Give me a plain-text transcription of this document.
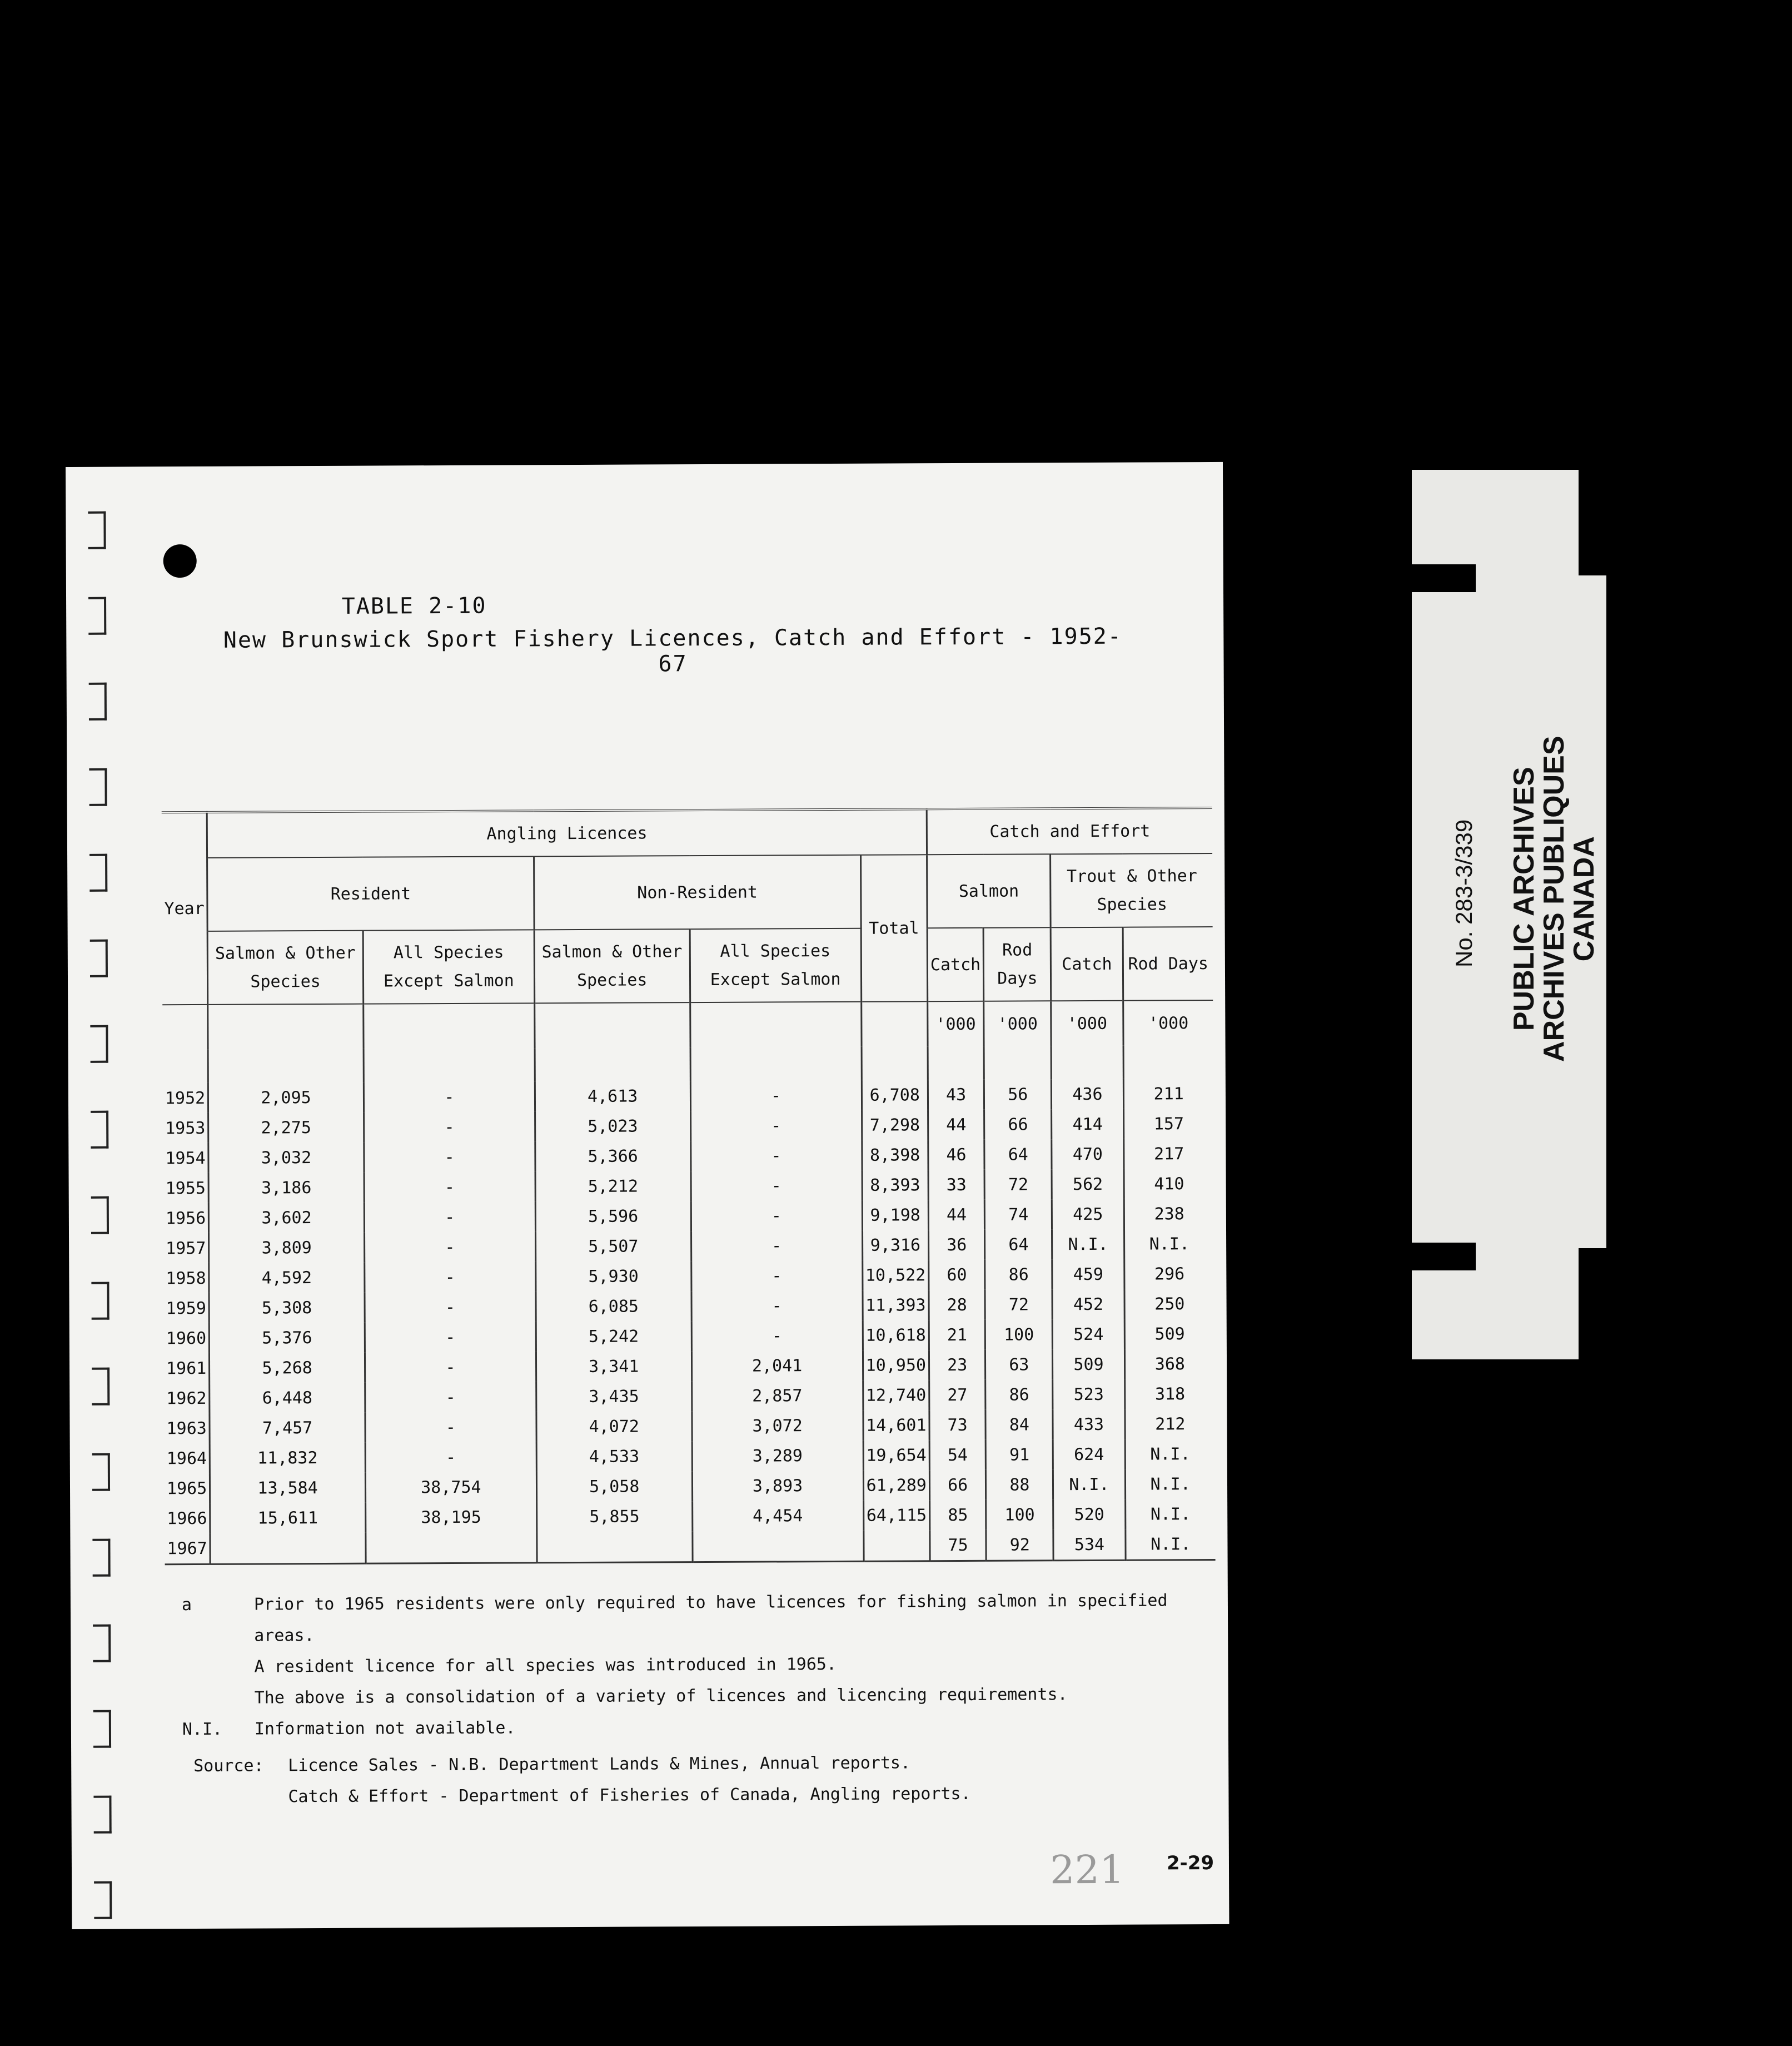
TABLE 2-10
New Brunswick Sport Fishery Licences, Catch and Effort - 1952-67
Year	Angling Licences					Catch and Effort			
	Resident		Non-Resident		Total	Salmon		Trout & Other Species	
	Salmon & Other Species	All Species Except Salmon	Salmon & Other Species	All Species Except Salmon		Catch	Rod Days	Catch	Rod Days
						'000	'000	'000	'000

1952	2,095	-	4,613	-	6,708	43	56	436	211
1953	2,275	-	5,023	-	7,298	44	66	414	157
1954	3,032	-	5,366	-	8,398	46	64	470	217
1955	3,186	-	5,212	-	8,393	33	72	562	410
1956	3,602	-	5,596	-	9,198	44	74	425	238
1957	3,809	-	5,507	-	9,316	36	64	N.I.	N.I.
1958	4,592	-	5,930	-	10,522	60	86	459	296
1959	5,308	-	6,085	-	11,393	28	72	452	250
1960	5,376	-	5,242	-	10,618	21	100	524	509
1961	5,268	-	3,341	2,041	10,950	23	63	509	368
1962	6,448	-	3,435	2,857	12,740	27	86	523	318
1963	7,457	-	4,072	3,072	14,601	73	84	433	212
1964	11,832	-	4,533	3,289	19,654	54	91	624	N.I.
1965	13,584	38,754	5,058	3,893	61,289	66	88	N.I.	N.I.
1966	15,611	38,195	5,855	4,454	64,115	85	100	520	N.I.
1967						75	92	534	N.I.
a	Prior to 1965 residents were only required to have licences for fishing salmon in specified areas.
A resident licence for all species was introduced in 1965.
The above is a consolidation of a variety of licences and licencing requirements.
N.I.	Information not available.
Source:	Licence Sales - N.B. Department Lands & Mines, Annual reports.
Catch & Effort - Department of Fisheries of Canada, Angling reports.
221 2-29
No. 283-3/339 PUBLIC ARCHIVES
ARCHIVES PUBLIQUES
CANADA
